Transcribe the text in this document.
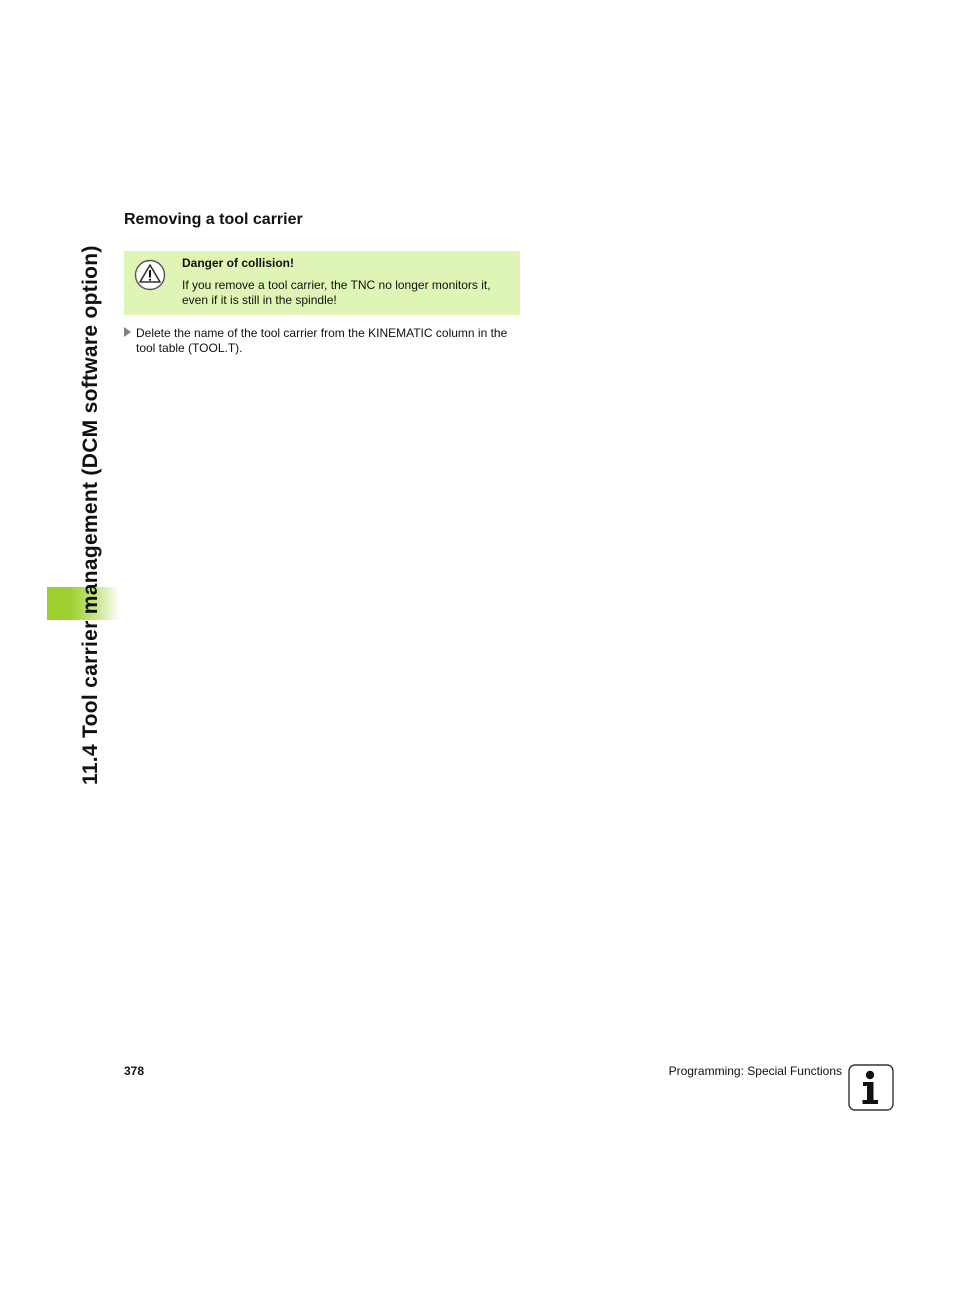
11.4 Tool carrier management (DCM software option)
Removing a tool carrier
Danger of collision!
If you remove a tool carrier, the TNC no longer monitors it, even if it is still in the spindle!
Delete the name of the tool carrier from the KINEMATIC column in the tool table (TOOL.T).
378	Programming: Special Functions
